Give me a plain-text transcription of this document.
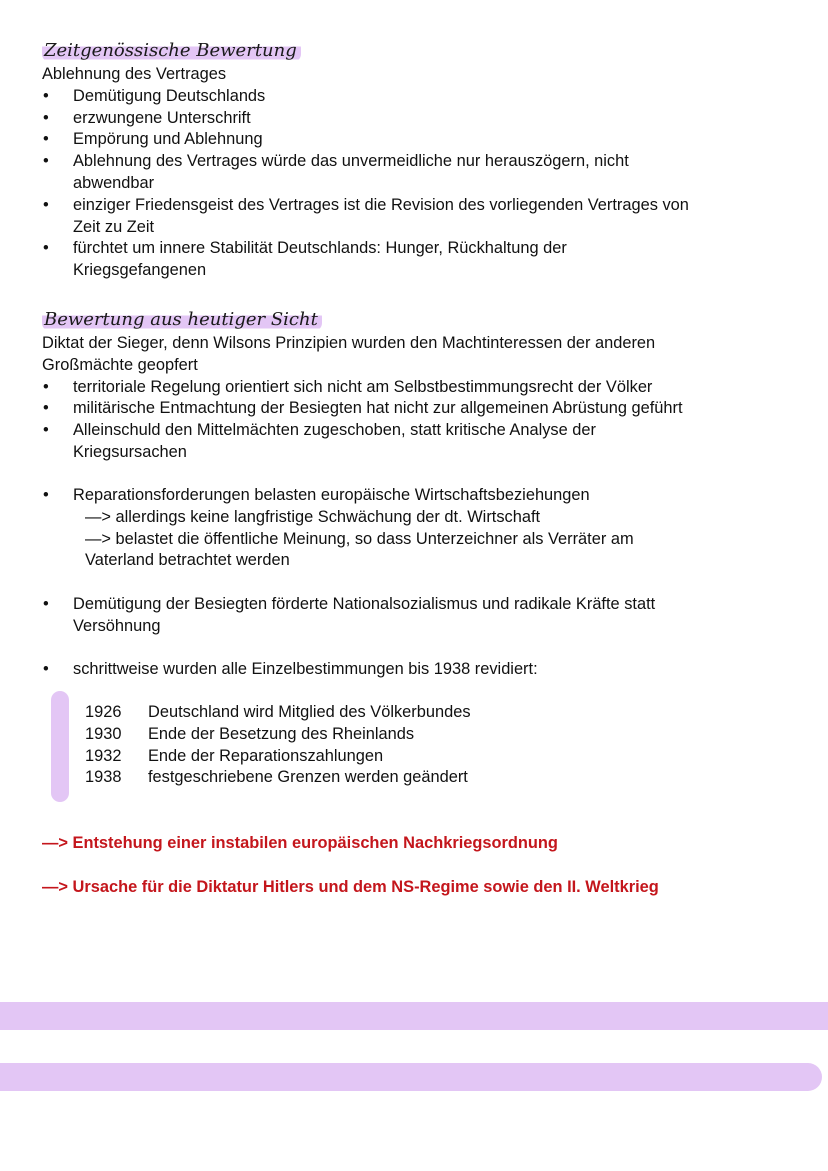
Zeitgenössische Bewertung
Ablehnung des Vertrages
• Demütigung Deutschlands
• erzwungene Unterschrift
• Empörung und Ablehnung
• Ablehnung des Vertrages würde das unvermeidliche nur herauszögern, nicht
abwendbar
• einziger Friedensgeist des Vertrages ist die Revision des vorliegenden Vertrages von
Zeit zu Zeit
• fürchtet um innere Stabilität Deutschlands: Hunger, Rückhaltung der
Kriegsgefangenen
Bewertung aus heutiger Sicht
Diktat der Sieger, denn Wilsons Prinzipien wurden den Machtinteressen der anderen
Großmächte geopfert
• territoriale Regelung orientiert sich nicht am Selbstbestimmungsrecht der Völker
• militärische Entmachtung der Besiegten hat nicht zur allgemeinen Abrüstung geführt
• Alleinschuld den Mittelmächten zugeschoben, statt kritische Analyse der
Kriegsursachen
• Reparationsforderungen belasten europäische Wirtschaftsbeziehungen
—> allerdings keine langfristige Schwächung der dt. Wirtschaft
—> belastet die öffentliche Meinung, so dass Unterzeichner als Verräter am
Vaterland betrachtet werden
• Demütigung der Besiegten förderte Nationalsozialismus und radikale Kräfte statt
Versöhnung
• schrittweise wurden alle Einzelbestimmungen bis 1938 revidiert:
1926	Deutschland wird Mitglied des Völkerbundes
1930	Ende der Besetzung des Rheinlands
1932	Ende der Reparationszahlungen
1938	festgeschriebene Grenzen werden geändert
—> Entstehung einer instabilen europäischen Nachkriegsordnung
—> Ursache für die Diktatur Hitlers und dem NS-Regime sowie den II. Weltkrieg
